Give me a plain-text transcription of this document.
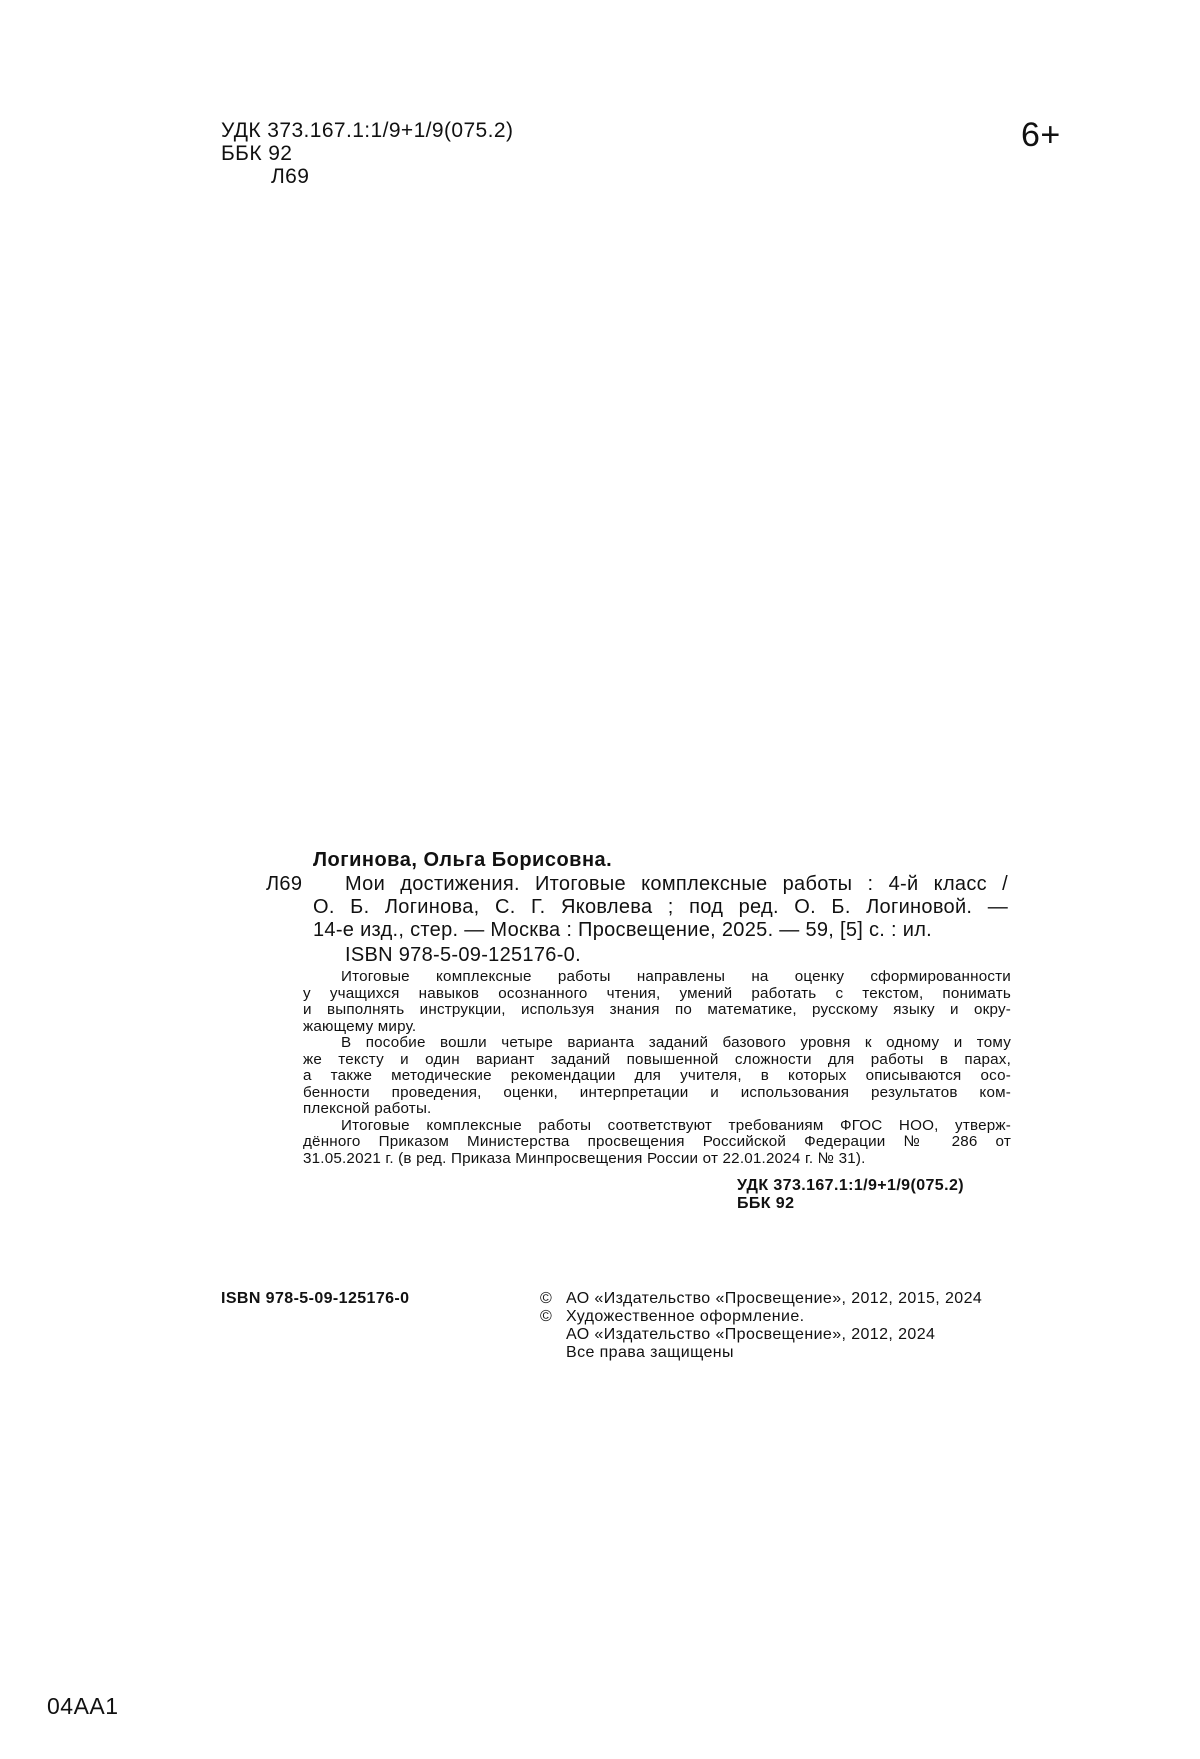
УДК 373.167.1:1/9+1/9(075.2)
ББК 92
Л69
6+
Логинова, Ольга Борисовна.
Л69 Мои достижения. Итоговые комплексные работы : 4-й класс /
О. Б. Логинова, С. Г. Яковлева ; под ред. О. Б. Логиновой. —
14-е изд., стер. — Москва : Просвещение, 2025. — 59, [5] с. : ил.
ISBN 978-5-09-125176-0.
Итоговые комплексные работы направлены на оценку сформированности
у учащихся навыков осознанного чтения, умений работать с текстом, понимать
и выполнять инструкции, используя знания по математике, русскому языку и окру-
жающему миру.
В пособие вошли четыре варианта заданий базового уровня к одному и тому
же тексту и один вариант заданий повышенной сложности для работы в парах,
а также методические рекомендации для учителя, в которых описываются осо-
бенности проведения, оценки, интерпретации и использования результатов ком-
плексной работы.
Итоговые комплексные работы соответствуют требованиям ФГОС НОО, утверж-
дённого Приказом Министерства просвещения Российской Федерации № 286 от
31.05.2021 г. (в ред. Приказа Минпросвещения России от 22.01.2024 г. № 31).
УДК 373.167.1:1/9+1/9(075.2)
ББК 92
ISBN 978-5-09-125176-0	© АО «Издательство «Просвещение», 2012, 2015, 2024
© Художественное оформление.
АО «Издательство «Просвещение», 2012, 2024
Все права защищены
04AA1
